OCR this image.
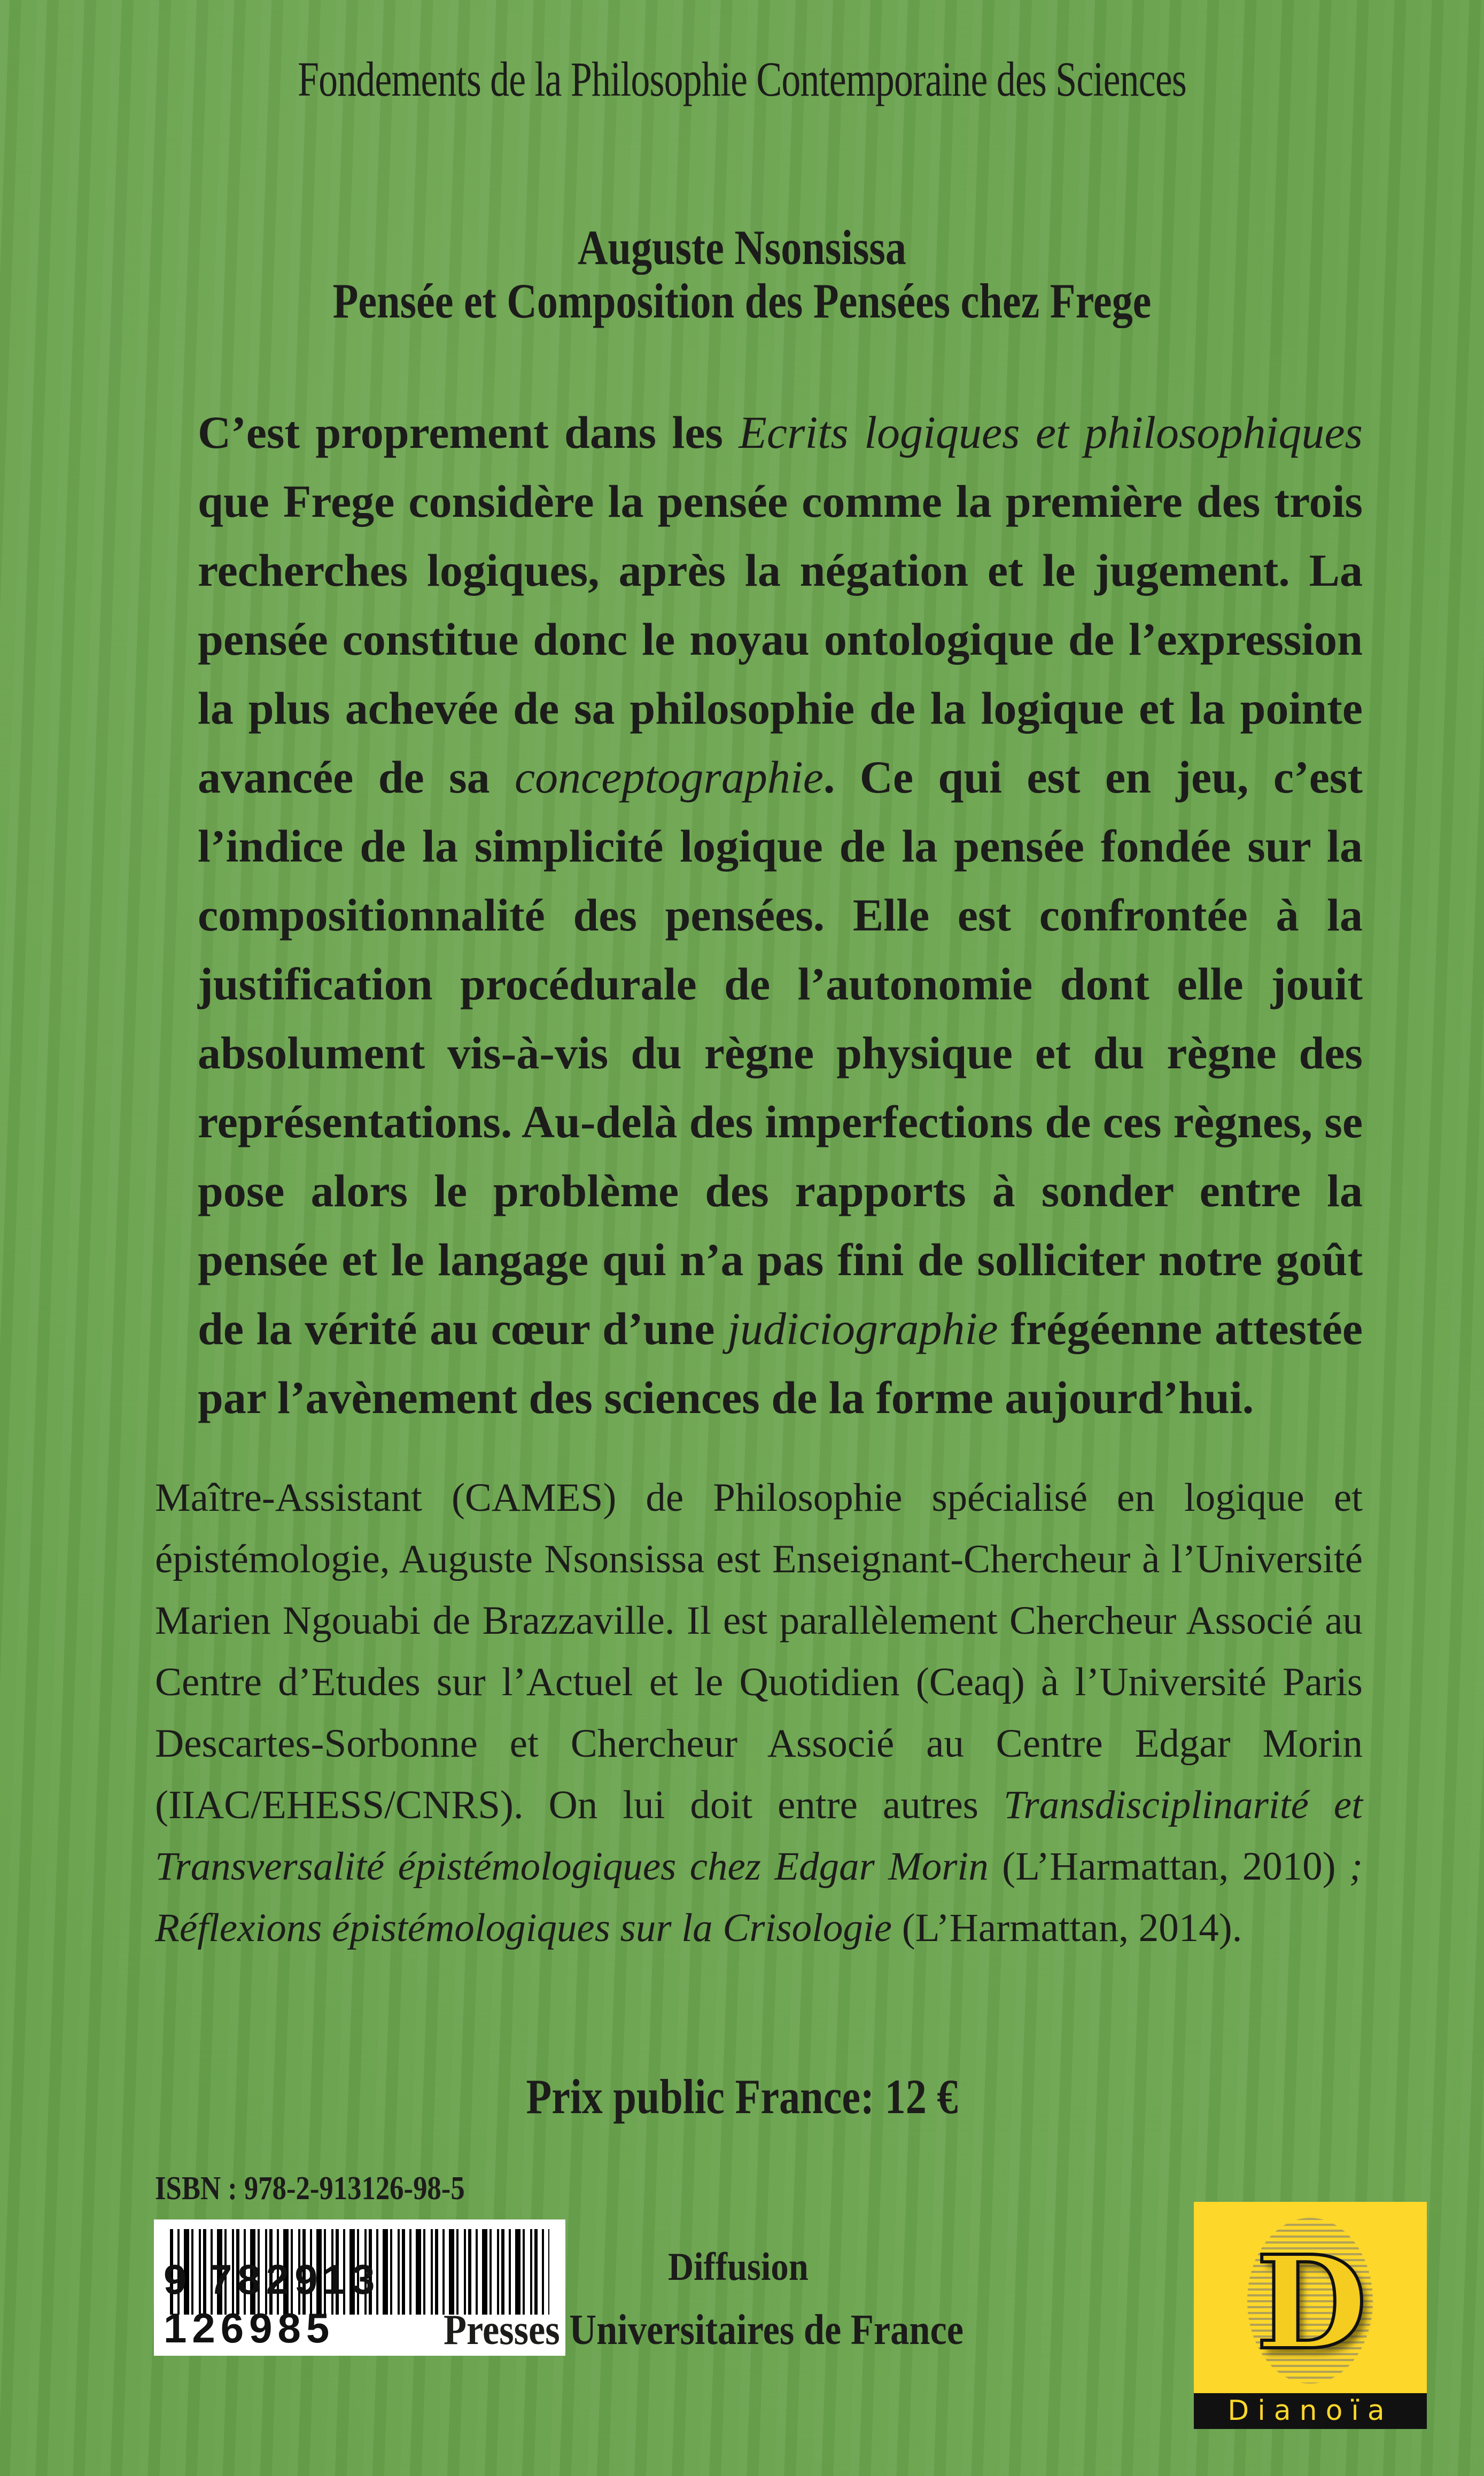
Fondements de la Philosophie Contemporaine des Sciences
Auguste Nsonsissa
Pensée et Composition des Pensées chez Frege
C’est proprement dans les Ecrits logiques et philosophiques que Frege considère la pensée comme la première des trois recherches logiques, après la négation et le jugement. La pensée constitue donc le noyau ontologique de l’expression la plus achevée de sa philosophie de la logique et la pointe avancée de sa conceptographie. Ce qui est en jeu, c’est l’indice de la simplicité logique de la pensée fondée sur la compositionnalité des pensées. Elle est confrontée à la justification procédurale de l’autonomie dont elle jouit absolument vis-à-vis du règne physique et du règne des représentations. Au-delà des imperfections de ces règnes, se pose alors le problème des rapports à sonder entre la pensée et le langage qui n’a pas fini de solliciter notre goût de la vérité au cœur d’une judiciographie frégéenne attestée par l’avènement des sciences de la forme aujourd’hui.
Maître-Assistant (CAMES) de Philosophie spécialisé en logique et épistémologie, Auguste Nsonsissa est Enseignant-Chercheur à l’Université Marien Ngouabi de Brazzaville. Il est parallèlement Chercheur Associé au Centre d’Etudes sur l’Actuel et le Quotidien (Ceaq) à l’Université Paris Descartes-Sorbonne et Chercheur Associé au Centre Edgar Morin (IIAC/EHESS/CNRS). On lui doit entre autres Transdisciplinarité et Transversalité épistémologiques chez Edgar Morin (L’Harmattan, 2010) ; Réflexions épistémologiques sur la Crisologie (L’Harmattan, 2014).
Prix public France: 12 €
ISBN : 978-2-913126-98-5
9 782913 126985
Diffusion
Presses Universitaires de France D
Dianoïa
